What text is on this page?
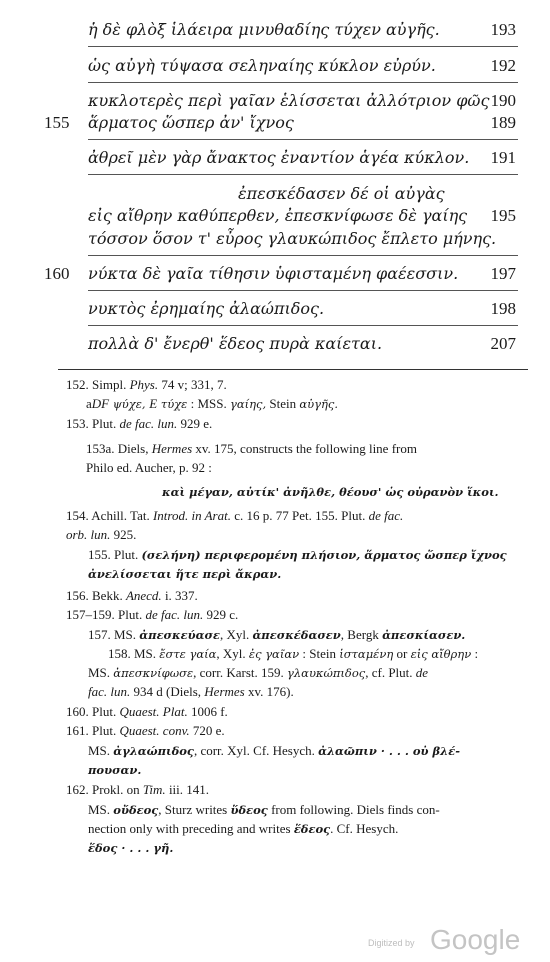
ἡ δὲ φλὸξ ἱλάειρα μινυθαδίης τύχεν αὐγῆς.	193
ὡς αὐγὴ τύψασα σεληναίης κύκλον εὐρύν.	192
κυκλοτερὲς περὶ γαῖαν ἑλίσσεται ἀλλότριον φῶς 190
155 ἅρματος ὥσπερ ἀν' ἴχνος	189
ἀθρεῖ μὲν γὰρ ἄνακτος ἐναντίον ἁγέα κύκλον. 191
ἐπεσκέδασεν δέ οἱ αὐγὰς
εἰς αἴθρην καθύπερθεν, ἐπεσκνίφωσε δὲ γαίης 195
τόσσον ὅσον τ' εὖρος γλαυκώπιδος ἔπλετο μήνης.
160 νύκτα δὲ γαῖα τίθησιν ὑφισταμένη φαέεσσιν. 197
νυκτὸς ἐρημαίης ἀλαώπιδος.	198
πολλὰ δ' ἔνερθ' ἕδεος πυρὰ καίεται.	207
152. Simpl. Phys. 74 v; 331, 7.
aDF ψύχε, E τύχε : MSS. γαίης, Stein αὐγῆς.
153. Plut. de fac. lun. 929 e.
153a. Diels, Hermes xv. 175, constructs the following line from
Philo ed. Aucher, p. 92 :
καὶ μέγαν, αὐτίκ' ἀνῆλθε, θέουσ' ὡς οὐρανὸν ἵκοι.
154. Achill. Tat. Introd. in Arat. c. 16 p. 77 Pet. 155. Plut. de fac.
orb. lun. 925.
155. Plut. (σελήνη) περιφερομένη πλήσιον, ἅρματος ὥσπερ ἴχνος
ἀνελίσσεται ἥτε περὶ ἄκραν.
156. Bekk. Anecd. i. 337.
157–159. Plut. de fac. lun. 929 c.
157. MS. ἀπεσκεύασε, Xyl. ἀπεσκέδασεν, Bergk ἀπεσκίασεν.
158. MS. ἔστε γαία, Xyl. ἐς γαῖαν : Stein ἱσταμένη or εἰς αἴθρην :
MS. ἀπεσκνίφωσε, corr. Karst. 159. γλαυκώπιδος, cf. Plut. de
fac. lun. 934 d (Diels, Hermes xv. 176).
160. Plut. Quaest. Plat. 1006 f.
161. Plut. Quaest. conv. 720 e.
MS. ἀγλαώπιδος, corr. Xyl. Cf. Hesych. ἀλαῶπιν · . . . οὐ βλέ-
πουσαν.
162. Prokl. on Tim. iii. 141.
MS. οὔδεος, Sturz writes ὕδεος from following. Diels finds con-
nection only with preceding and writes ἕδεος. Cf. Hesych.
ἕδος · . . . γῆ.
Digitized by Google
